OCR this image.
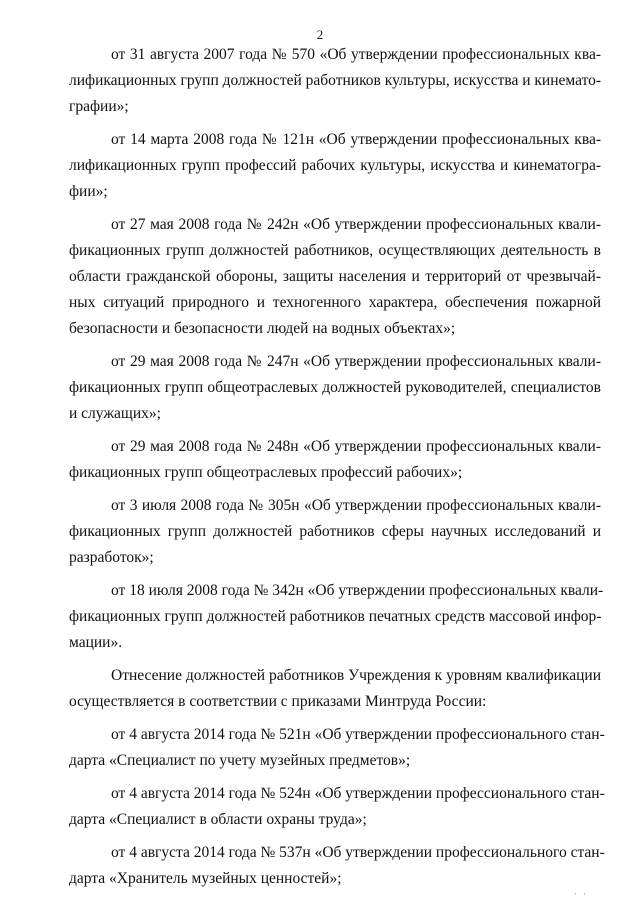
2
от 31 августа 2007 года № 570 «Об утверждении профессиональных ква-
лификационных групп должностей работников культуры, искусства и кинемато-
графии»;
от 14 марта 2008 года № 121н «Об утверждении профессиональных ква-
лификационных групп профессий рабочих культуры, искусства и кинематогра-
фии»;
от 27 мая 2008 года № 242н «Об утверждении профессиональных квали-
фикационных групп должностей работников, осуществляющих деятельность в
области гражданской обороны, защиты населения и территорий от чрезвычай-
ных ситуаций природного и техногенного характера, обеспечения пожарной
безопасности и безопасности людей на водных объектах»;
от 29 мая 2008 года № 247н «Об утверждении профессиональных квали-
фикационных групп общеотраслевых должностей руководителей, специалистов
и служащих»;
от 29 мая 2008 года № 248н «Об утверждении профессиональных квали-
фикационных групп общеотраслевых профессий рабочих»;
от 3 июля 2008 года № 305н «Об утверждении профессиональных квали-
фикационных групп должностей работников сферы научных исследований и
разработок»;
от 18 июля 2008 года № 342н «Об утверждении профессиональных квали-
фикационных групп должностей работников печатных средств массовой инфор-
мации».
Отнесение должностей работников Учреждения к уровням квалификации
осуществляется в соответствии с приказами Минтруда России:
от 4 августа 2014 года № 521н «Об утверждении профессионального стан-
дарта «Специалист по учету музейных предметов»;
от 4 августа 2014 года № 524н «Об утверждении профессионального стан-
дарта «Специалист в области охраны труда»;
от 4 августа 2014 года № 537н «Об утверждении профессионального стан-
дарта «Хранитель музейных ценностей»;
· ·
